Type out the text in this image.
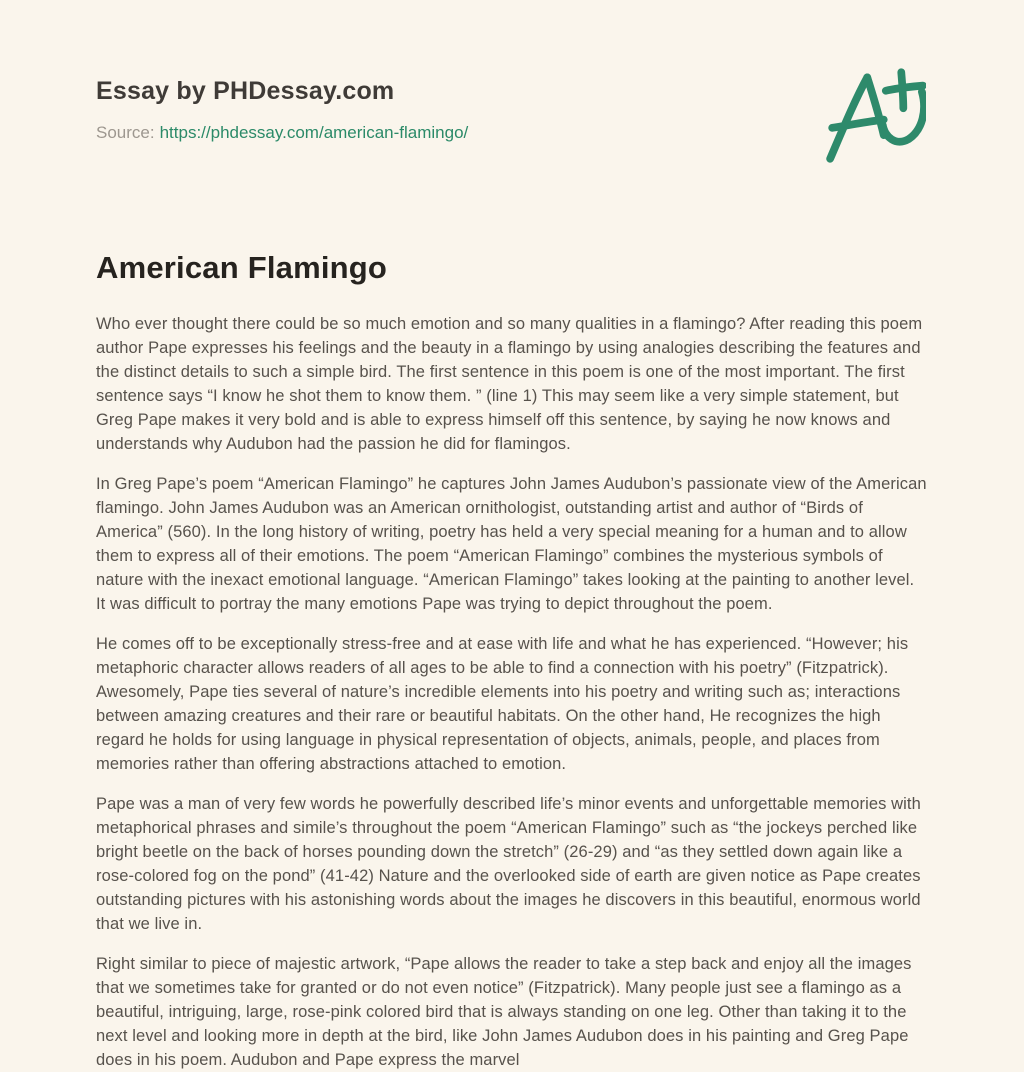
Essay by PHDessay.com
Source: https://phdessay.com/american-flamingo/
American Flamingo

Who ever thought there could be so much emotion and so many qualities in a flamingo? After reading this poem author Pape expresses his feelings and the beauty in a flamingo by using analogies describing the features and the distinct details to such a simple bird. The first sentence in this poem is one of the most important. The first sentence says “I know he shot them to know them. ” (line 1) This may seem like a very simple statement, but Greg Pape makes it very bold and is able to express himself off this sentence, by saying he now knows and understands why Audubon had the passion he did for flamingos.

In Greg Pape’s poem “American Flamingo” he captures John James Audubon’s passionate view of the American flamingo. John James Audubon was an American ornithologist, outstanding artist and author of “Birds of America” (560). In the long history of writing, poetry has held a very special meaning for a human and to allow them to express all of their emotions. The poem “American Flamingo” combines the mysterious symbols of nature with the inexact emotional language. “American Flamingo” takes looking at the painting to another level. It was difficult to portray the many emotions Pape was trying to depict throughout the poem.

He comes off to be exceptionally stress-free and at ease with life and what he has experienced. “However; his metaphoric character allows readers of all ages to be able to find a connection with his poetry” (Fitzpatrick). Awesomely, Pape ties several of nature’s incredible elements into his poetry and writing such as; interactions between amazing creatures and their rare or beautiful habitats. On the other hand, He recognizes the high regard he holds for using language in physical representation of objects, animals, people, and places from memories rather than offering abstractions attached to emotion.

Pape was a man of very few words he powerfully described life’s minor events and unforgettable memories with metaphorical phrases and simile’s throughout the poem “American Flamingo” such as “the jockeys perched like bright beetle on the back of horses pounding down the stretch” (26-29) and “as they settled down again like a rose-colored fog on the pond” (41-42) Nature and the overlooked side of earth are given notice as Pape creates outstanding pictures with his astonishing words about the images he discovers in this beautiful, enormous world that we live in.

Right similar to piece of majestic artwork, “Pape allows the reader to take a step back and enjoy all the images that we sometimes take for granted or do not even notice” (Fitzpatrick). Many people just see a flamingo as a beautiful, intriguing, large, rose-pink colored bird that is always standing on one leg. Other than taking it to the next level and looking more in depth at the bird, like John James Audubon does in his painting and Greg Pape does in his poem. Audubon and Pape express the marvel
